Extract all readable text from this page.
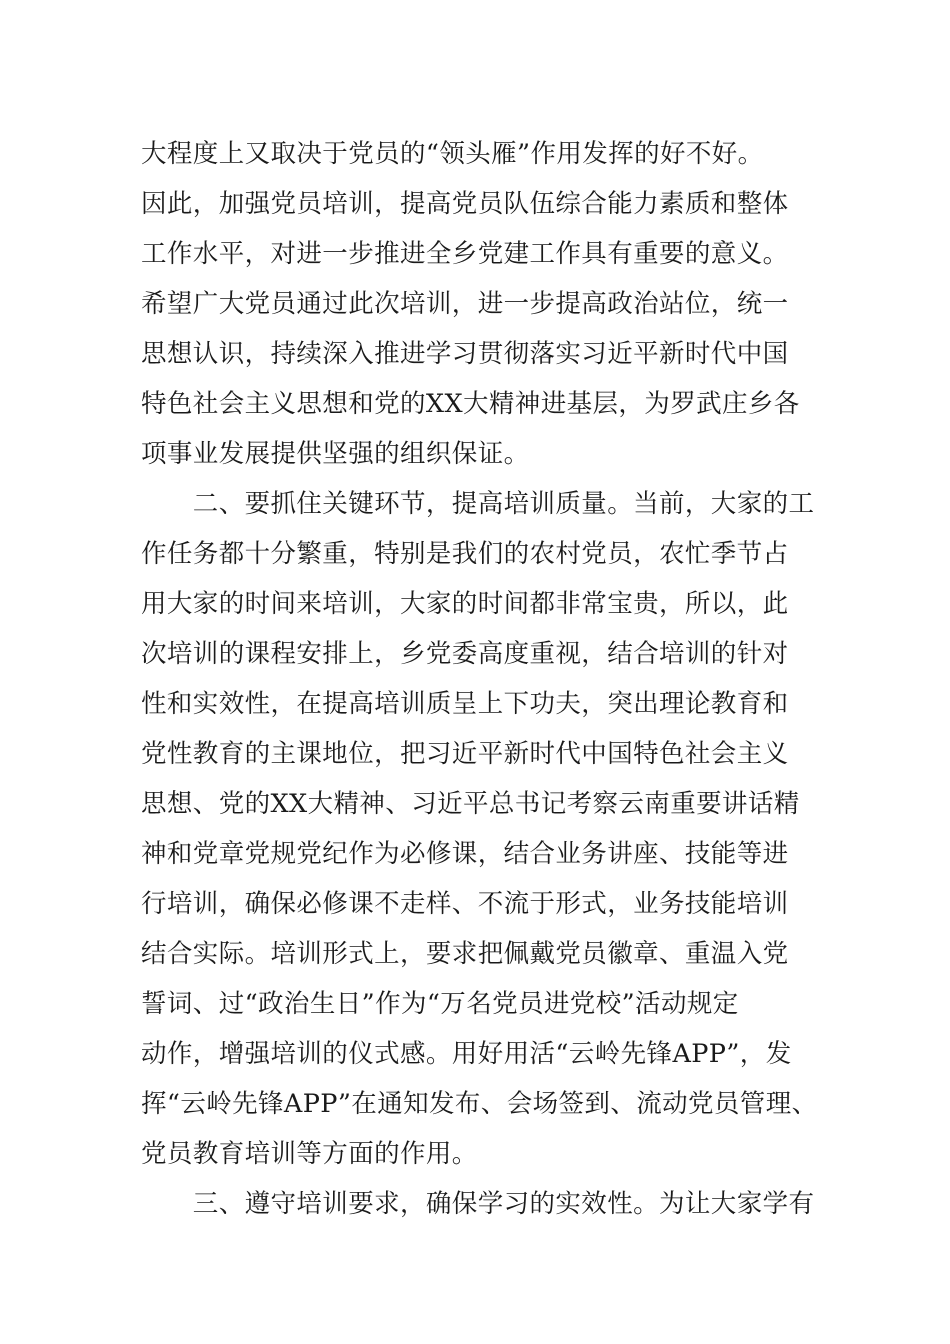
大程度上又取决于党员的“领头雁”作用发挥的好不好。
因此，加强党员培训，提高党员队伍综合能力素质和整体
工作水平，对进一步推进全乡党建工作具有重要的意义。
希望广大党员通过此次培训，进一步提高政治站位，统一
思想认识，持续深入推进学习贯彻落实习近平新时代中国
特色社会主义思想和党的XX大精神进基层，为罗武庄乡各
项事业发展提供坚强的组织保证。
　　二、要抓住关键环节，提高培训质量。当前，大家的工
作任务都十分繁重，特别是我们的农村党员，农忙季节占
用大家的时间来培训，大家的时间都非常宝贵，所以，此
次培训的课程安排上，乡党委高度重视，结合培训的针对
性和实效性，在提高培训质呈上下功夫，突出理论教育和
党性教育的主课地位，把习近平新时代中国特色社会主义
思想、党的XX大精神、习近平总书记考察云南重要讲话精
神和党章党规党纪作为必修课，结合业务讲座、技能等进
行培训，确保必修课不走样、不流于形式，业务技能培训
结合实际。培训形式上，要求把佩戴党员徽章、重温入党
誓词、过“政治生日”作为“万名党员进党校”活动规定
动作，增强培训的仪式感。用好用活“云岭先锋APP”，发
挥“云岭先锋APP”在通知发布、会场签到、流动党员管理、
党员教育培训等方面的作用。
　　三、遵守培训要求，确保学习的实效性。为让大家学有
